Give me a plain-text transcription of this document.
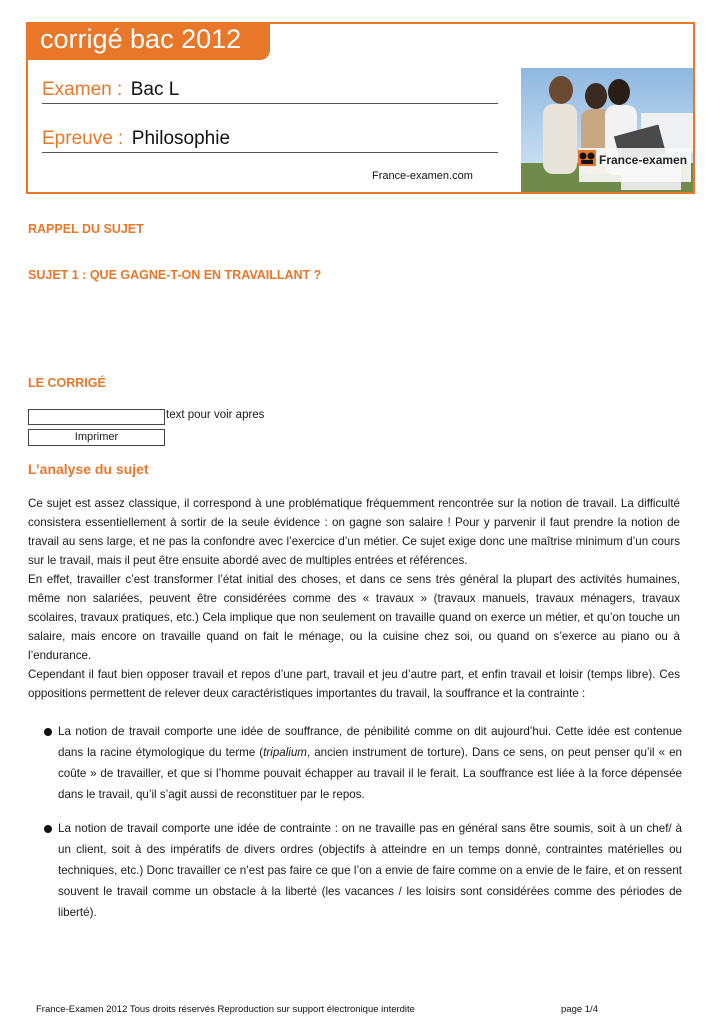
corrigé bac 2012
Examen : Bac L
Epreuve : Philosophie
France-examen.com
France-examen
RAPPEL DU SUJET
SUJET 1 : QUE GAGNE-T-ON EN TRAVAILLANT ?
LE CORRIGÉ
Imprimer
text pour voir apres
L’analyse du sujet

Ce sujet est assez classique, il correspond à une problématique fréquemment rencontrée sur la notion de travail. La difficulté consistera essentiellement à sortir de la seule évidence : on gagne son salaire ! Pour y parvenir il faut prendre la notion de travail au sens large, et ne pas la confondre avec l’exercice d’un métier. Ce sujet exige donc une maîtrise minimum d’un cours sur le travail, mais il peut être ensuite abordé avec de multiples entrées et références.

En effet, travailler c’est transformer l’état initial des choses, et dans ce sens très général la plupart des activités humaines, même non salariées, peuvent être considérées comme des « travaux » (travaux manuels, travaux ménagers, travaux scolaires, travaux pratiques, etc.) Cela implique que non seulement on travaille quand on exerce un métier, et qu’on touche un salaire, mais encore on travaille quand on fait le ménage, ou la cuisine chez soi, ou quand on s’exerce au piano ou à l’endurance.

Cependant il faut bien opposer travail et repos d’une part, travail et jeu d’autre part, et enfin travail et loisir (temps libre). Ces oppositions permettent de relever deux caractéristiques importantes du travail, la souffrance et la contrainte :

La notion de travail comporte une idée de souffrance, de pénibilité comme on dit aujourd’hui. Cette idée est contenue dans la racine étymologique du terme (tripalium, ancien instrument de torture). Dans ce sens, on peut penser qu’il « en coûte » de travailler, et que si l’homme pouvait échapper au travail il le ferait. La souffrance est liée à la force dépensée dans le travail, qu’il s’agit aussi de reconstituer par le repos.
La notion de travail comporte une idée de contrainte : on ne travaille pas en général sans être soumis, soit à un chef/ à un client, soit à des impératifs de divers ordres (objectifs à atteindre en un temps donné, contraintes matérielles ou techniques, etc.) Donc travailler ce n’est pas faire ce que l’on a envie de faire comme on a envie de le faire, et on ressent souvent le travail comme un obstacle à la liberté (les vacances / les loisirs sont considérées comme des périodes de liberté).
France-Examen 2012 Tous droits réservés Reproduction sur support électronique interdite	page 1/4
